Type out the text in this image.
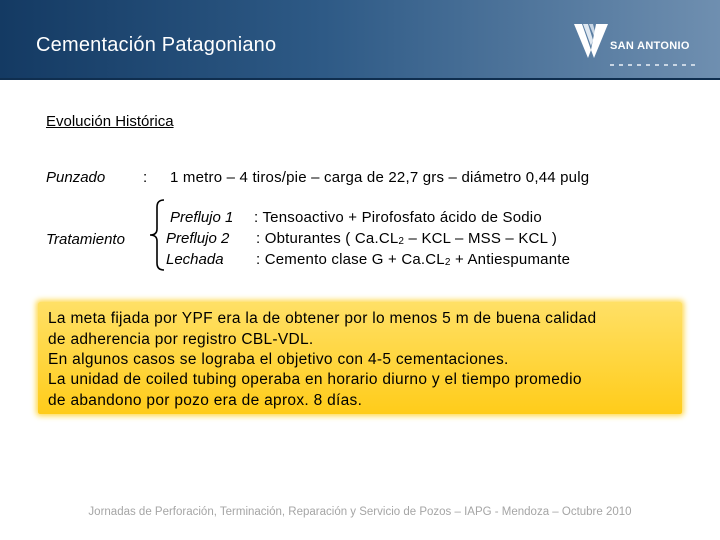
Cementación Patagoniano	SAN ANTONIO
Evolución Histórica
Punzado	: 1 metro – 4 tiros/pie – carga de 22,7 grs – diámetro 0,44 pulg
Tratamiento
Preflujo 1 : Tensoactivo + Pirofosfato ácido de Sodio
Preflujo 2 : Obturantes ( $Ca.CL_2$ – KCL – MSS – KCL )
Lechada : Cemento clase $G + Ca.CL_2$ + Antiespumante
La meta fijada por YPF era la de obtener por lo menos 5 m de buena calidad
de adherencia por registro CBL-VDL.
En algunos casos se lograba el objetivo con 4-5 cementaciones.
La unidad de coiled tubing operaba en horario diurno y el tiempo promedio
de abandono por pozo era de aprox. 8 días.
Jornadas de Perforación, Terminación, Reparación y Servicio de Pozos – IAPG - Mendoza – Octubre 2010
